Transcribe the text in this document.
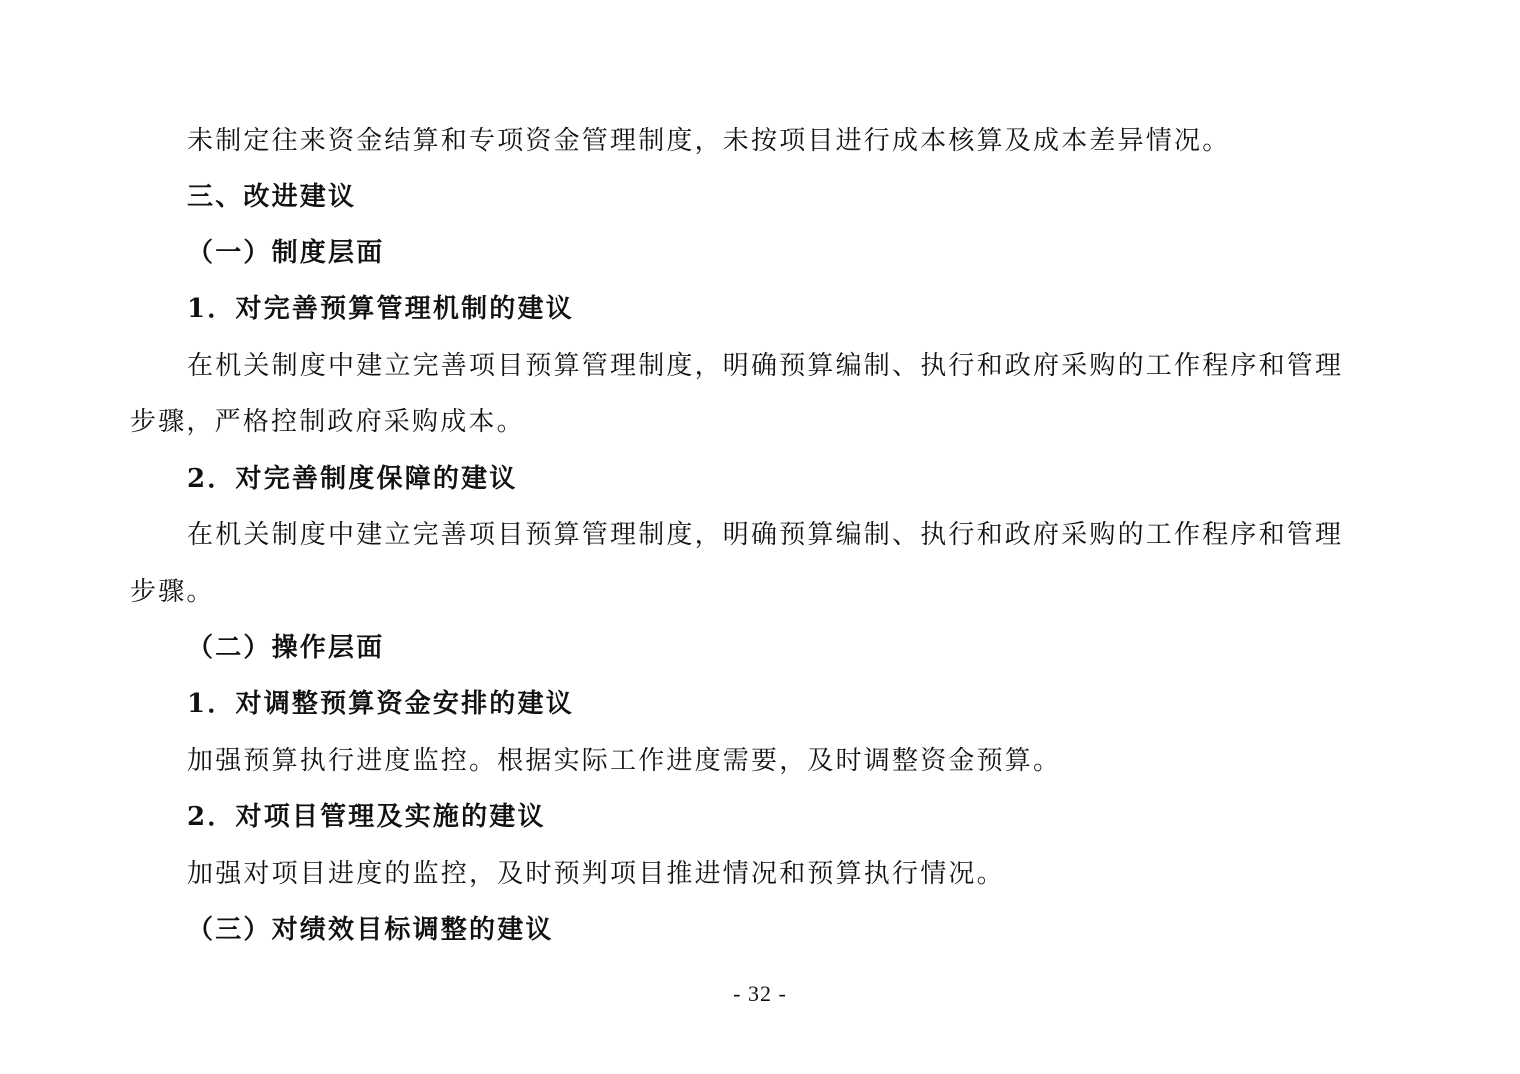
未制定往来资金结算和专项资金管理制度，未按项目进行成本核算及成本差异情况。
三、改进建议
（一）制度层面
1．对完善预算管理机制的建议
在机关制度中建立完善项目预算管理制度，明确预算编制、执行和政府采购的工作程序和管理
步骤，严格控制政府采购成本。
2．对完善制度保障的建议
在机关制度中建立完善项目预算管理制度，明确预算编制、执行和政府采购的工作程序和管理
步骤。
（二）操作层面
1．对调整预算资金安排的建议
加强预算执行进度监控。根据实际工作进度需要，及时调整资金预算。
2．对项目管理及实施的建议
加强对项目进度的监控，及时预判项目推进情况和预算执行情况。
（三）对绩效目标调整的建议
- 32 -
